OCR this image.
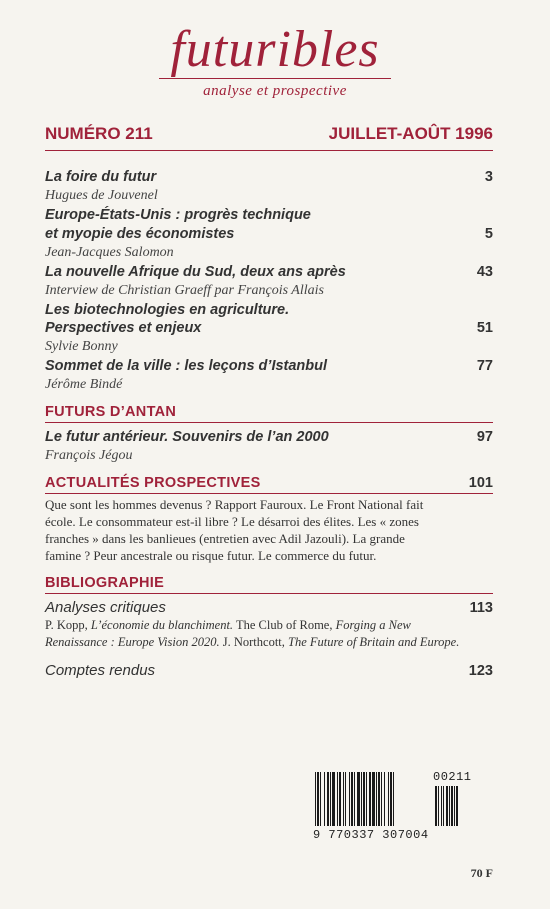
futuribles
analyse et prospective
NUMÉRO 211	JUILLET-AOÛT 1996
La foire du futur	3
Hugues de Jouvenel
Europe-États-Unis : progrès technique
et myopie des économistes	5
Jean-Jacques Salomon
La nouvelle Afrique du Sud, deux ans après	43
Interview de Christian Graeff par François Allais
Les biotechnologies en agriculture.
Perspectives et enjeux	51
Sylvie Bonny
Sommet de la ville : les leçons d’Istanbul	77
Jérôme Bindé
FUTURS D’ANTAN
Le futur antérieur. Souvenirs de l’an 2000	97
François Jégou
ACTUALITÉS PROSPECTIVES	101
Que sont les hommes devenus ? Rapport Fauroux. Le Front National fait
école. Le consommateur est-il libre ? Le désarroi des élites. Les « zones
franches » dans les banlieues (entretien avec Adil Jazouli). La grande
famine ? Peur ancestrale ou risque futur. Le commerce du futur.
BIBLIOGRAPHIE
Analyses critiques	113
P. Kopp, L’économie du blanchiment. The Club of Rome, Forging a New
Renaissance : Europe Vision 2020. J. Northcott, The Future of Britain and Europe.
Comptes rendus	123
00211
9 770337 307004
70 F
